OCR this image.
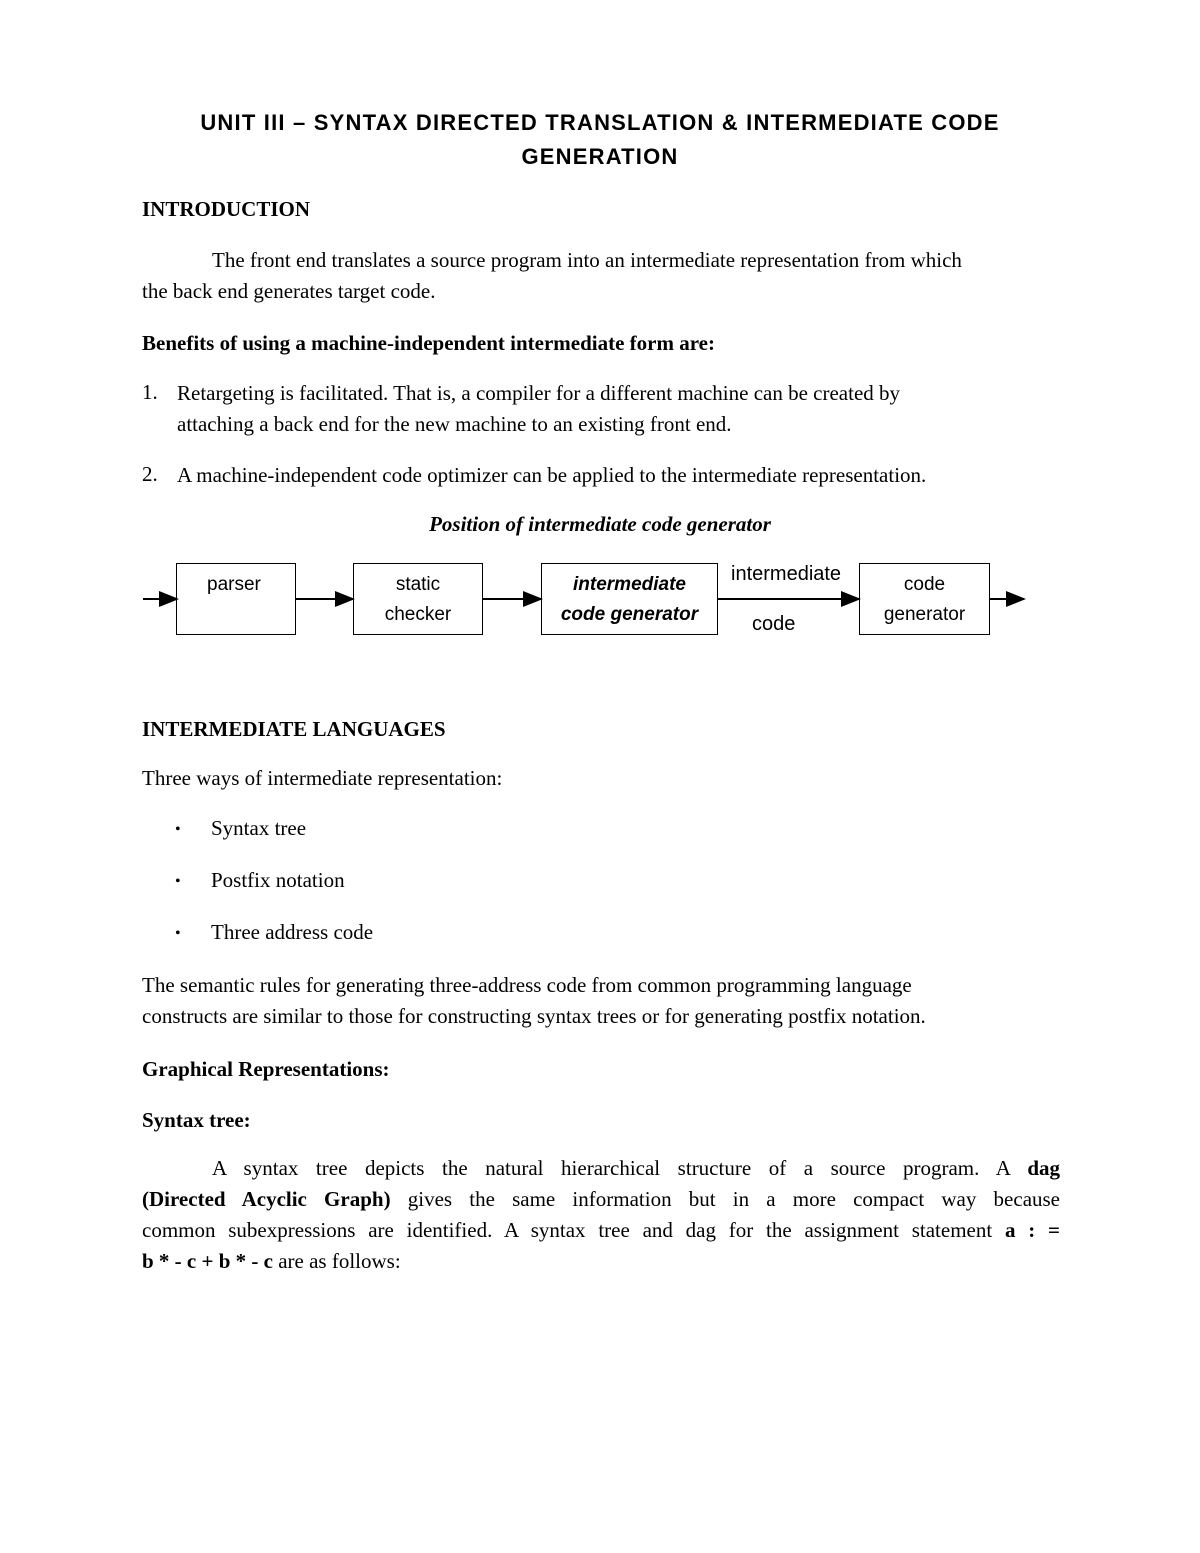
UNIT III – SYNTAX DIRECTED TRANSLATION & INTERMEDIATE CODE
GENERATION
INTRODUCTION
The front end translates a source program into an intermediate representation from which
the back end generates target code.
Benefits of using a machine-independent intermediate form are:
1. Retargeting is facilitated. That is, a compiler for a different machine can be created by
attaching a back end for the new machine to an existing front end.
2. A machine-independent code optimizer can be applied to the intermediate representation.
Position of intermediate code generator
parser	static
checker
intermediate
code generator
code
generator
intermediate
code
INTERMEDIATE LANGUAGES
Three ways of intermediate representation:
• Syntax tree
• Postfix notation
• Three address code
The semantic rules for generating three-address code from common programming language
constructs are similar to those for constructing syntax trees or for generating postfix notation.
Graphical Representations:
Syntax tree:
A syntax tree depicts the natural hierarchical structure of a source program. A dag
(Directed Acyclic Graph) gives the same information but in a more compact way because
common subexpressions are identified. A syntax tree and dag for the assignment statement a : =
b * - c + b * - c are as follows:
